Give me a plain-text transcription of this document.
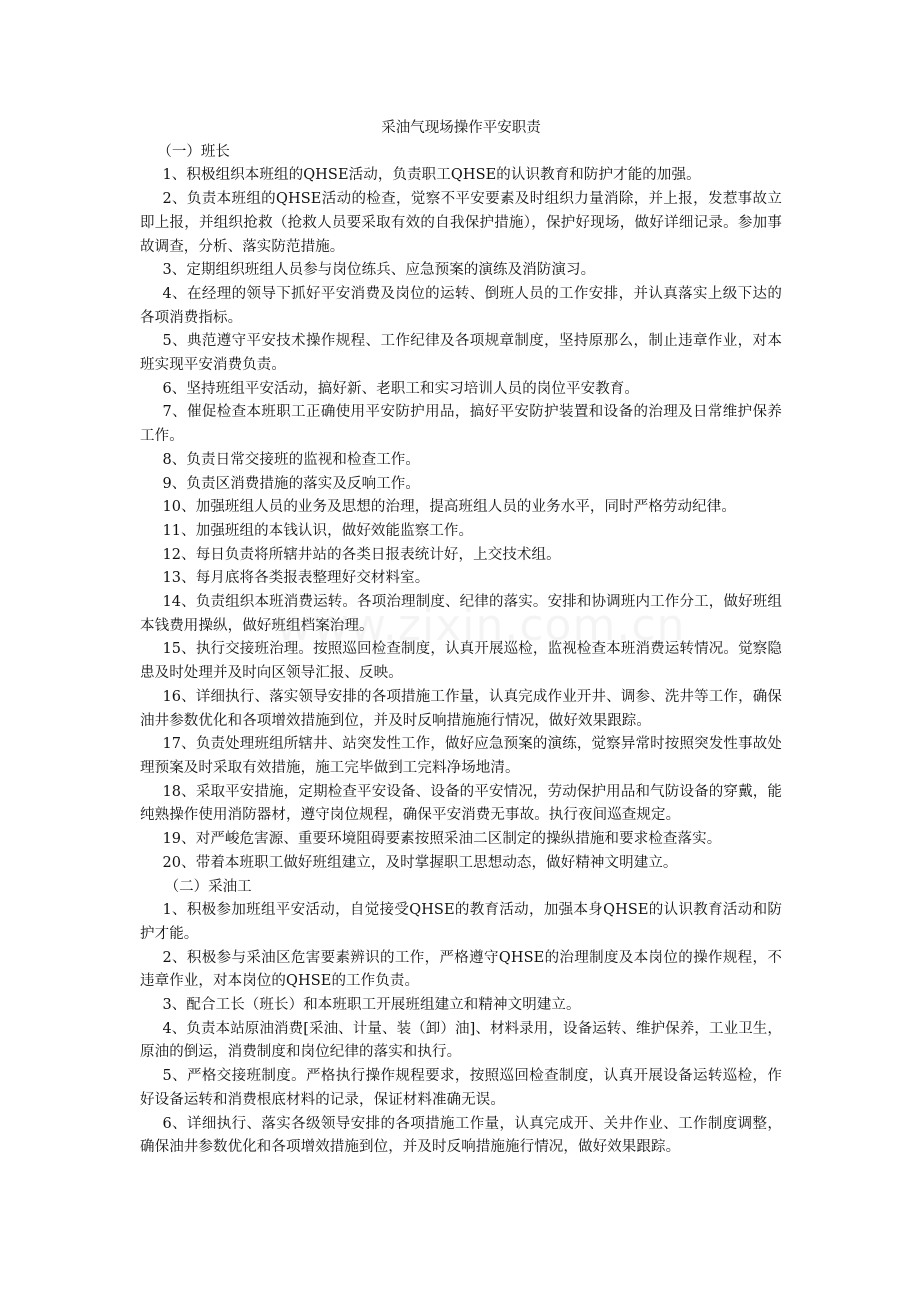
采油气现场操作平安职责
（一）班长

1、积极组织本班组的QHSE活动，负责职工QHSE的认识教育和防护才能的加强。

2、负责本班组的QHSE活动的检查，觉察不平安要素及时组织力量消除，并上报，发惹事故立即上报，并组织抢救（抢救人员要采取有效的自我保护措施），保护好现场，做好详细记录。参加事故调查，分析、落实防范措施。

3、定期组织班组人员参与岗位练兵、应急预案的演练及消防演习。

4、在经理的领导下抓好平安消费及岗位的运转、倒班人员的工作安排，并认真落实上级下达的各项消费指标。

5、典范遵守平安技术操作规程、工作纪律及各项规章制度，坚持原那么，制止违章作业，对本班实现平安消费负责。

6、坚持班组平安活动，搞好新、老职工和实习培训人员的岗位平安教育。

7、催促检查本班职工正确使用平安防护用品，搞好平安防护装置和设备的治理及日常维护保养工作。

8、负责日常交接班的监视和检查工作。

9、负责区消费措施的落实及反响工作。

10、加强班组人员的业务及思想的治理，提高班组人员的业务水平，同时严格劳动纪律。

11、加强班组的本钱认识，做好效能监察工作。

12、每日负责将所辖井站的各类日报表统计好，上交技术组。

13、每月底将各类报表整理好交材料室。

14、负责组织本班消费运转。各项治理制度、纪律的落实。安排和协调班内工作分工，做好班组本钱费用操纵，做好班组档案治理。

15、执行交接班治理。按照巡回检查制度，认真开展巡检，监视检查本班消费运转情况。觉察隐患及时处理并及时向区领导汇报、反映。

16、详细执行、落实领导安排的各项措施工作量，认真完成作业开井、调参、洗井等工作，确保油井参数优化和各项增效措施到位，并及时反响措施施行情况，做好效果跟踪。

17、负责处理班组所辖井、站突发性工作，做好应急预案的演练，觉察异常时按照突发性事故处理预案及时采取有效措施，施工完毕做到工完料净场地清。

18、采取平安措施，定期检查平安设备、设备的平安情况，劳动保护用品和气防设备的穿戴，能纯熟操作使用消防器材，遵守岗位规程，确保平安消费无事故。执行夜间巡查规定。

19、对严峻危害源、重要环境阻碍要素按照采油二区制定的操纵措施和要求检查落实。

20、带着本班职工做好班组建立，及时掌握职工思想动态，做好精神文明建立。

（二）采油工

1、积极参加班组平安活动，自觉接受QHSE的教育活动，加强本身QHSE的认识教育活动和防护才能。

2、积极参与采油区危害要素辨识的工作，严格遵守QHSE的治理制度及本岗位的操作规程，不违章作业，对本岗位的QHSE的工作负责。

3、配合工长（班长）和本班职工开展班组建立和精神文明建立。

4、负责本站原油消费[采油、计量、装（卸）油]、材料录用，设备运转、维护保养，工业卫生，原油的倒运，消费制度和岗位纪律的落实和执行。

5、严格交接班制度。严格执行操作规程要求，按照巡回检查制度，认真开展设备运转巡检，作好设备运转和消费根底材料的记录，保证材料准确无误。

6、详细执行、落实各级领导安排的各项措施工作量，认真完成开、关井作业、工作制度调整，确保油井参数优化和各项增效措施到位，并及时反响措施施行情况，做好效果跟踪。
